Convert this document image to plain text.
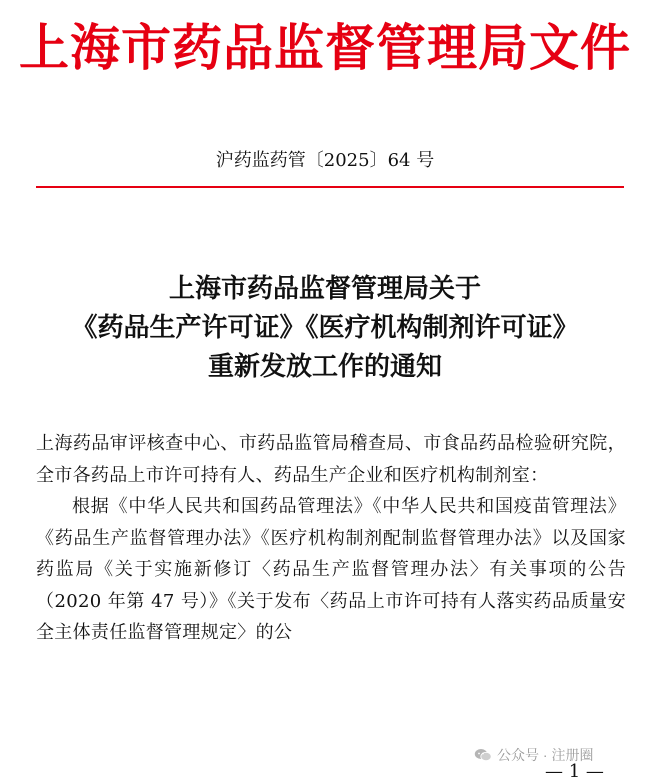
上海市药品监督管理局文件
沪药监药管〔2025〕64 号
上海市药品监督管理局关于
《药品生产许可证》《医疗机构制剂许可证》
重新发放工作的通知

上海药品审评核查中心、市药品监管局稽查局、市食品药品检验研究院，全市各药品上市许可持有人、药品生产企业和医疗机构制剂室：

根据《中华人民共和国药品管理法》《中华人民共和国疫苗管理法》《药品生产监督管理办法》《医疗机构制剂配制监督管理办法》以及国家药监局《关于实施新修订〈药品生产监督管理办法〉有关事项的公告（2020 年第 47 号）》《关于发布〈药品上市许可持有人落实药品质量安全主体责任监督管理规定〉的公

公众号 · 注册圈
— 1 —
